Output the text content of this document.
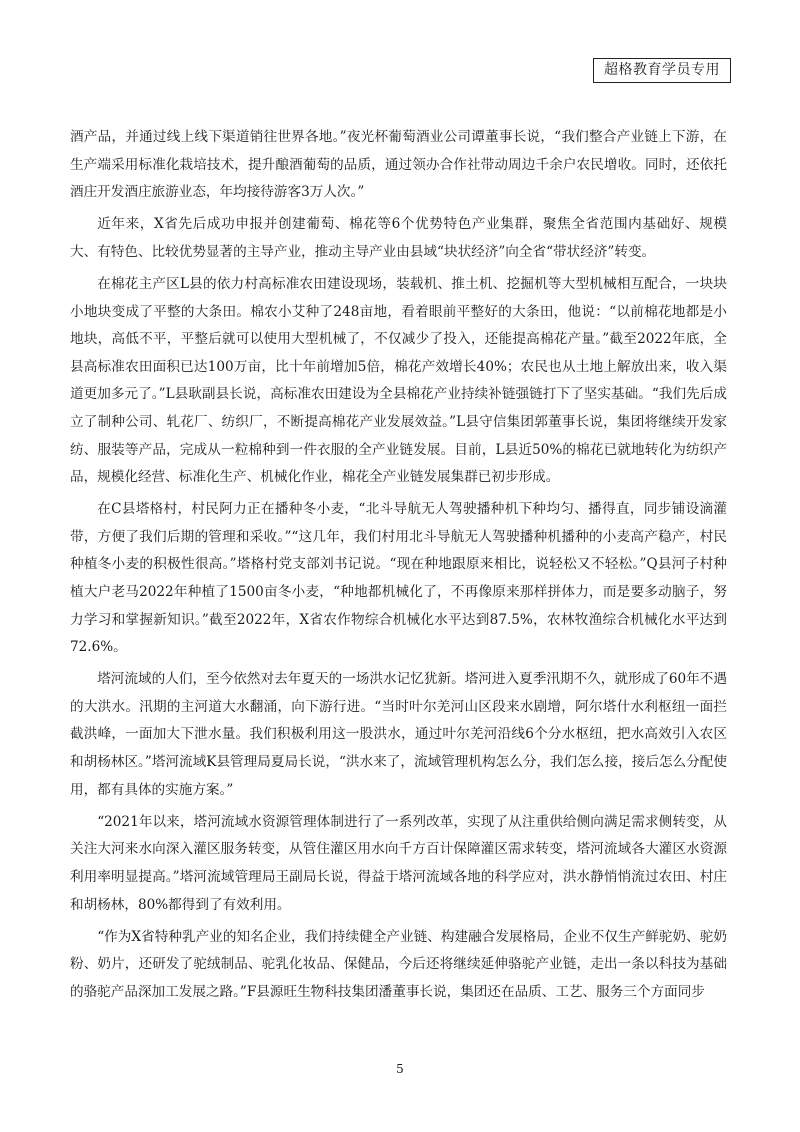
超格教育学员专用

酒产品，并通过线上线下渠道销往世界各地。”夜光杯葡萄酒业公司谭董事长说，“我们整合产业链上下游，在生产端采用标准化栽培技术，提升酿酒葡萄的品质，通过领办合作社带动周边千余户农民增收。同时，还依托酒庄开发酒庄旅游业态，年均接待游客3万人次。”

近年来，X省先后成功申报并创建葡萄、棉花等6个优势特色产业集群，聚焦全省范围内基础好、规模大、有特色、比较优势显著的主导产业，推动主导产业由县域“块状经济”向全省“带状经济”转变。

在棉花主产区L县的依力村高标准农田建设现场，装载机、推土机、挖掘机等大型机械相互配合，一块块小地块变成了平整的大条田。棉农小艾种了248亩地，看着眼前平整好的大条田，他说：“以前棉花地都是小地块，高低不平，平整后就可以使用大型机械了，不仅减少了投入，还能提高棉花产量。”截至2022年底，全县高标准农田面积已达100万亩，比十年前增加5倍，棉花产效增长40%；农民也从土地上解放出来，收入渠道更加多元了。”L县耿副县长说，高标准农田建设为全县棉花产业持续补链强链打下了坚实基础。“我们先后成立了制种公司、轧花厂、纺织厂，不断提高棉花产业发展效益。”L县守信集团郭董事长说，集团将继续开发家纺、服装等产品，完成从一粒棉种到一件衣服的全产业链发展。目前，L县近50%的棉花已就地转化为纺织产品，规模化经营、标准化生产、机械化作业，棉花全产业链发展集群已初步形成。

在C县塔格村，村民阿力正在播种冬小麦，“北斗导航无人驾驶播种机下种均匀、播得直，同步铺设滴灌带，方便了我们后期的管理和采收。”“这几年，我们村用北斗导航无人驾驶播种机播种的小麦高产稳产，村民种植冬小麦的积极性很高。”塔格村党支部刘书记说。“现在种地跟原来相比，说轻松又不轻松。”Q县河子村种植大户老马2022年种植了1500亩冬小麦，“种地都机械化了，不再像原来那样拼体力，而是要多动脑子，努力学习和掌握新知识。”截至2022年，X省农作物综合机械化水平达到87.5%，农林牧渔综合机械化水平达到72.6%。

塔河流域的人们，至今依然对去年夏天的一场洪水记忆犹新。塔河进入夏季汛期不久，就形成了60年不遇的大洪水。汛期的主河道大水翻涌，向下游行进。“当时叶尔羌河山区段来水剧增，阿尔塔什水利枢纽一面拦截洪峰，一面加大下泄水量。我们积极利用这一股洪水，通过叶尔羌河沿线6个分水枢纽，把水高效引入农区和胡杨林区。”塔河流域K县管理局夏局长说，“洪水来了，流域管理机构怎么分，我们怎么接，接后怎么分配使用，都有具体的实施方案。”

“2021年以来，塔河流域水资源管理体制进行了一系列改革，实现了从注重供给侧向满足需求侧转变，从关注大河来水向深入灌区服务转变，从管住灌区用水向千方百计保障灌区需求转变，塔河流域各大灌区水资源利用率明显提高。”塔河流域管理局王副局长说，得益于塔河流域各地的科学应对，洪水静悄悄流过农田、村庄和胡杨林，80%都得到了有效利用。

“作为X省特种乳产业的知名企业，我们持续健全产业链、构建融合发展格局，企业不仅生产鲜驼奶、驼奶粉、奶片，还研发了驼绒制品、驼乳化妆品、保健品，今后还将继续延伸骆驼产业链，走出一条以科技为基础的骆驼产品深加工发展之路。”F县源旺生物科技集团潘董事长说，集团还在品质、工艺、服务三个方面同步

5
